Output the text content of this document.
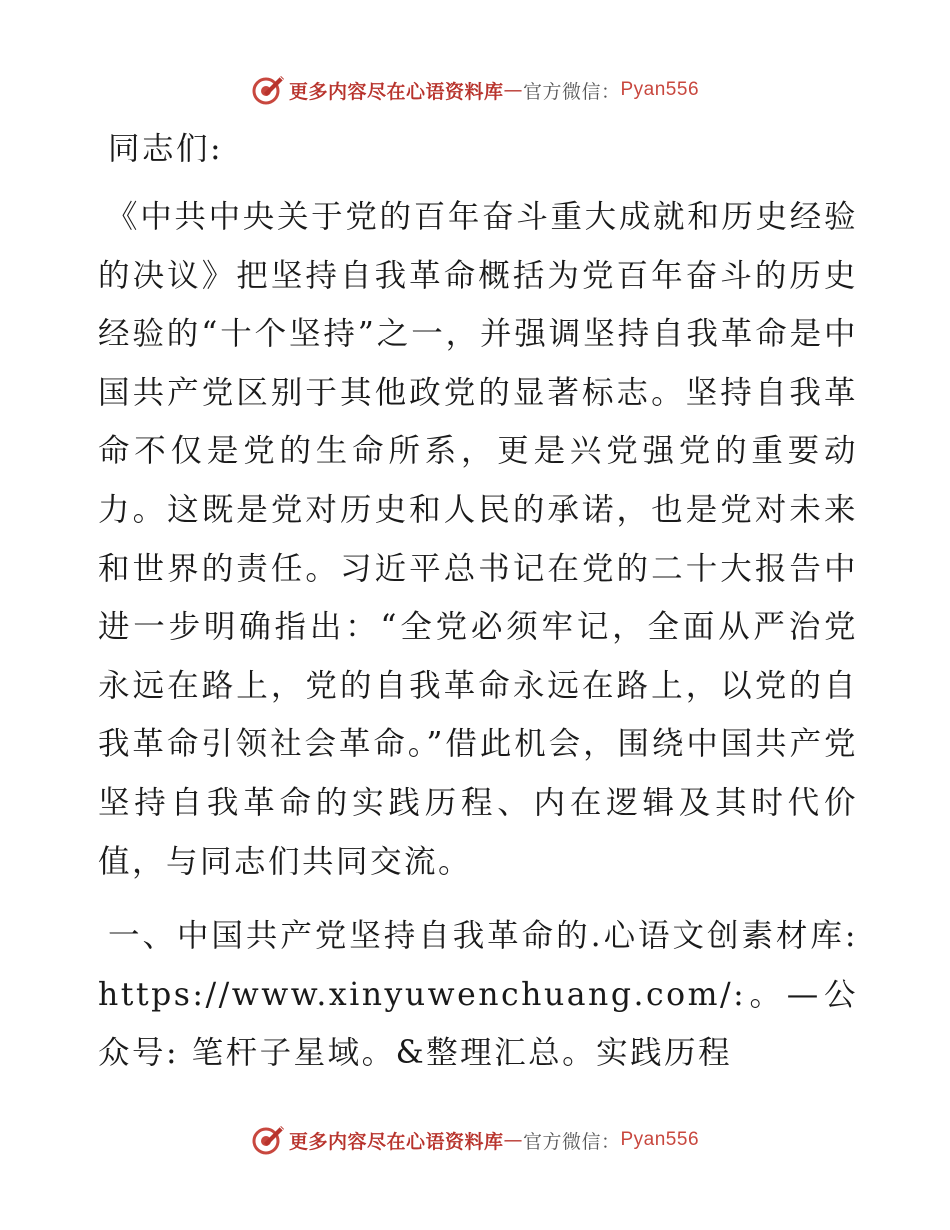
更多内容尽在心语资料库 — 官方微信： Pyan556
同志们:

《中共中央关于党的百年奋斗重大成就和历史经验的决议》把坚持自我革命概括为党百年奋斗的历史经验的“十个坚持”之一，并强调坚持自我革命是中国共产党区别于其他政党的显著标志。坚持自我革命不仅是党的生命所系，更是兴党强党的重要动力。这既是党对历史和人民的承诺，也是党对未来和世界的责任。习近平总书记在党的二十大报告中进一步明确指出：“全党必须牢记，全面从严治党永远在路上，党的自我革命永远在路上，以党的自我革命引领社会革命。”借此机会，围绕中国共产党坚持自我革命的实践历程、内在逻辑及其时代价值，与同志们共同交流。

一、中国共产党坚持自我革命的.心语文创素材库: https://www.xinyuwenchuang.com/:。—公众号: 笔杆子星域。&整理汇总。实践历程

更多内容尽在心语资料库 — 官方微信： Pyan556
